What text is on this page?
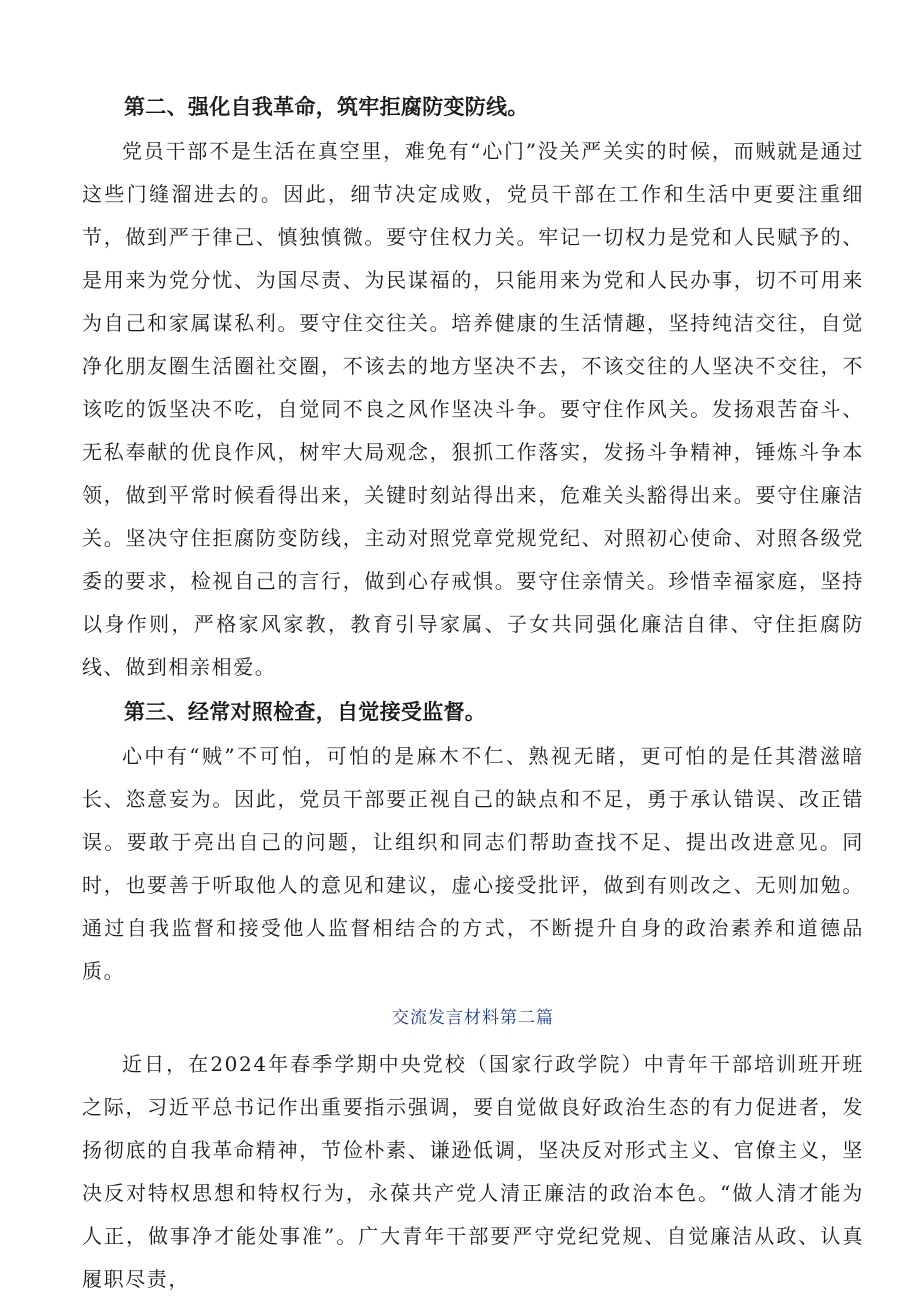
第二、强化自我革命，筑牢拒腐防变防线。

党员干部不是生活在真空里，难免有“心门”没关严关实的时候，而贼就是通过这些门缝溜进去的。因此，细节决定成败，党员干部在工作和生活中更要注重细节，做到严于律己、慎独慎微。要守住权力关。牢记一切权力是党和人民赋予的、是用来为党分忧、为国尽责、为民谋福的，只能用来为党和人民办事，切不可用来为自己和家属谋私利。要守住交往关。培养健康的生活情趣，坚持纯洁交往，自觉净化朋友圈生活圈社交圈，不该去的地方坚决不去，不该交往的人坚决不交往，不该吃的饭坚决不吃，自觉同不良之风作坚决斗争。要守住作风关。发扬艰苦奋斗、无私奉献的优良作风，树牢大局观念，狠抓工作落实，发扬斗争精神，锤炼斗争本领，做到平常时候看得出来，关键时刻站得出来，危难关头豁得出来。要守住廉洁关。坚决守住拒腐防变防线，主动对照党章党规党纪、对照初心使命、对照各级党委的要求，检视自己的言行，做到心存戒惧。要守住亲情关。珍惜幸福家庭，坚持以身作则，严格家风家教，教育引导家属、子女共同强化廉洁自律、守住拒腐防线、做到相亲相爱。

第三、经常对照检查，自觉接受监督。

心中有“贼”不可怕，可怕的是麻木不仁、熟视无睹，更可怕的是任其潜滋暗长、恣意妄为。因此，党员干部要正视自己的缺点和不足，勇于承认错误、改正错误。要敢于亮出自己的问题，让组织和同志们帮助查找不足、提出改进意见。同时，也要善于听取他人的意见和建议，虚心接受批评，做到有则改之、无则加勉。通过自我监督和接受他人监督相结合的方式，不断提升自身的政治素养和道德品质。

交流发言材料第二篇

近日，在2024年春季学期中央党校（国家行政学院）中青年干部培训班开班之际，习近平总书记作出重要指示强调，要自觉做良好政治生态的有力促进者，发扬彻底的自我革命精神，节俭朴素、谦逊低调，坚决反对形式主义、官僚主义，坚决反对特权思想和特权行为，永葆共产党人清正廉洁的政治本色。“做人清才能为人正，做事净才能处事准”。广大青年干部要严守党纪党规、自觉廉洁从政、认真履职尽责，
